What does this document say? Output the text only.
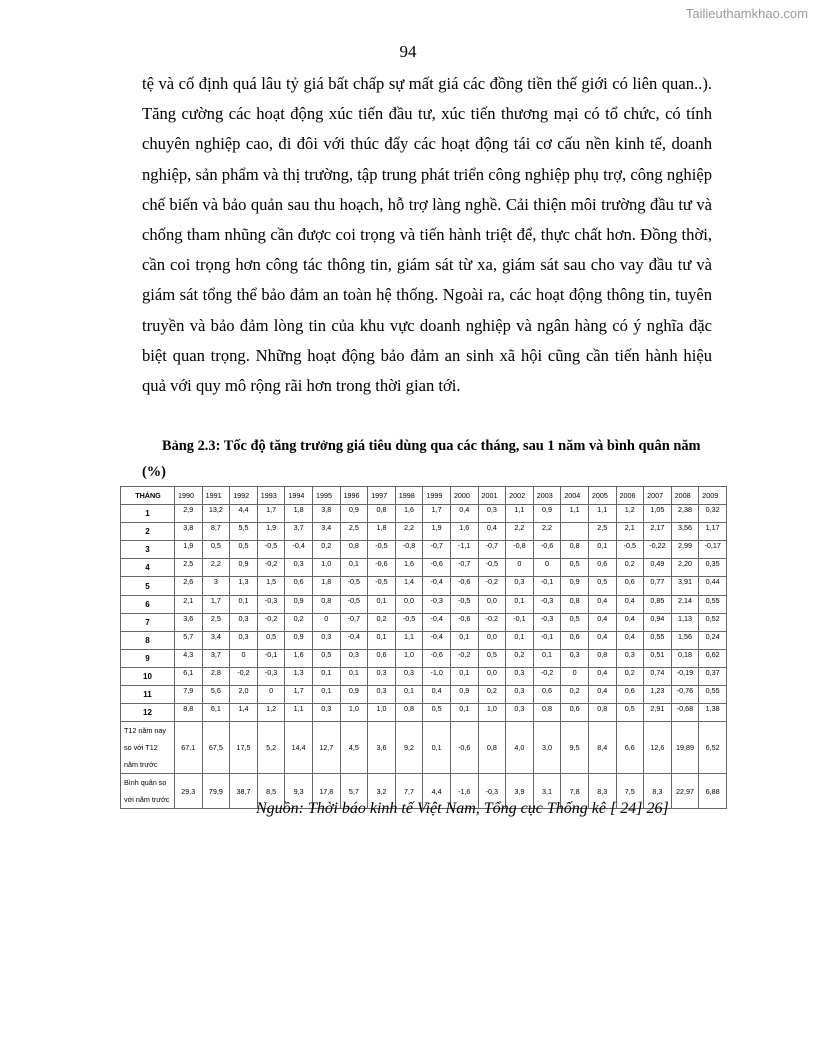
Tailieuthamkhao.com
94
tệ và cố định quá lâu tỷ giá bất chấp sự mất giá các đồng tiền thế giới có liên quan..). Tăng cường các hoạt động xúc tiến đầu tư, xúc tiến thương mại có tổ chức, có tính chuyên nghiệp cao, đi đôi với thúc đẩy các hoạt động tái cơ cấu nền kinh tế, doanh nghiệp, sản phẩm và thị trường, tập trung phát triển công nghiệp phụ trợ, công nghiệp chế biến và bảo quản sau thu hoạch, hỗ trợ làng nghề. Cải thiện môi trường đầu tư và chống tham nhũng cần được coi trọng và tiến hành triệt để, thực chất hơn. Đồng thời, cần coi trọng hơn công tác thông tin, giám sát từ xa, giám sát sau cho vay đầu tư và giám sát tổng thể bảo đảm an toàn hệ thống. Ngoài ra, các hoạt động thông tin, tuyên truyền và bảo đảm lòng tin của khu vực doanh nghiệp và ngân hàng có ý nghĩa đặc biệt quan trọng. Những hoạt động bảo đảm an sinh xã hội cũng cần tiến hành hiệu quả với quy mô rộng rãi hơn trong thời gian tới.
Bảng 2.3: Tốc độ tăng trưởng giá tiêu dùng qua các tháng, sau 1 năm và bình quân năm (%)
THÁNG	1990	1991	1992	1993	1994	1995	1996	1997	1998	1999	2000	2001	2002	2003	2004	2005	2006	2007	2008	2009
1	2,9	13,2	4,4	1,7	1,8	3,8	0,9	0,8	1,6	1,7	0,4	0,3	1,1	0,9	1,1	1,1	1,2	1,05	2,38	0,32
2	3,8	8,7	5,5	1,9	3,7	3,4	2,5	1,8	2,2	1,9	1,6	0,4	2,2	2,2		2,5	2,1	2,17	3,56	1,17
3	1,9	0,5	0,5	-0,5	-0,4	0,2	0,8	-0,5	-0,8	-0,7	-1,1	-0,7	-0,8	-0,6	0,8	0,1	-0,5	-0,22	2,99	-0,17
4	2,5	2,2	0,9	-0,2	0,3	1,0	0,1	-0,6	1,6	-0,6	-0,7	-0,5	0	0	0,5	0,6	0,2	0,49	2,20	0,35
5	2,6	3	1,3	1,5	0,6	1,8	-0,5	-0,5	1,4	-0,4	-0,6	-0,2	0,3	-0,1	0,9	0,5	0,6	0,77	3,91	0,44
6	2,1	1,7	0,1	-0,3	0,9	0,8	-0,5	0,1	0,0	-0,3	-0,5	0,0	0,1	-0,3	0,8	0,4	0,4	0,85	2,14	0,55
7	3,6	2,5	0,3	-0,2	0,2	0	-0,7	0,2	-0,5	-0,4	-0,6	-0,2	-0,1	-0,3	0,5	0,4	0,4	0,94	1,13	0,52
8	5,7	3,4	0,3	0,5	0,9	0,3	-0,4	0,1	1,1	-0,4	0,1	0,0	0,1	-0,1	0,6	0,4	0,4	0,55	1,56	0,24
9	4,3	3,7	0	-0,1	1,6	0,5	0,3	0,6	1,0	-0,6	-0,2	0,5	0,2	0,1	0,3	0,8	0,3	0,51	0,18	0,62
10	6,1	2,8	-0,2	-0,3	1,3	0,1	0,1	0,3	0,3	-1,0	0,1	0,0	0,3	-0,2	0	0,4	0,2	0,74	-0,19	0,37
11	7,9	5,6	2,0	0	1,7	0,1	0,9	0,3	0,1	0,4	0,9	0,2	0,3	0,6	0,2	0,4	0,6	1,23	-0,76	0,55
12	8,8	6,1	1,4	1,2	1,1	0,3	1,0	1,0	0,8	0,5	0,1	1,0	0,3	0,8	0,6	0,8	0,5	2,91	-0,68	1,38
T12 năm nay so với T12 năm trước	67,1	67,5	17,5	5,2	14,4	12,7	4,5	3,6	9,2	0,1	-0,6	0,8	4,0	3,0	9,5	8,4	6,6	12,6	19,89	6,52
Bình quân so với năm trước	29,3	79,9	38,7	8,5	9,3	17,8	5,7	3,2	7,7	4,4	-1,6	-0,3	3,9	3,1	7,8	8,3	7,5	8,3	22,97	6,88
Nguồn: Thời báo kinh tế Việt Nam, Tổng cục Thống kê [ 24] 26]
